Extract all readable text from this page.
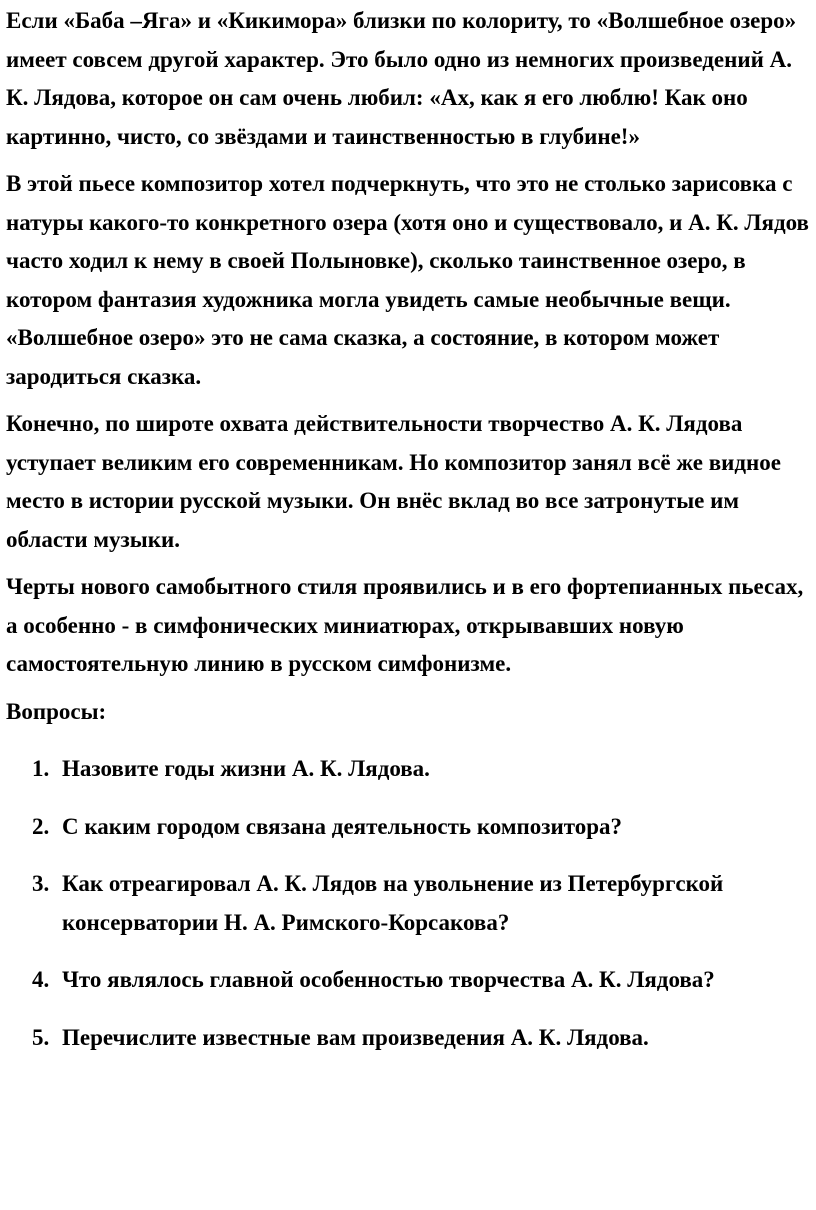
Если «Баба –Яга» и «Кикимора» близки по колориту, то «Волшебное озеро» имеет совсем другой характер. Это было одно из немногих произведений А. К. Лядова, которое он сам очень любил: «Ах, как я его люблю! Как оно картинно, чисто, со звёздами и таинственностью в глубине!»

В этой пьесе композитор хотел подчеркнуть, что это не столько зарисовка с натуры какого-то конкретного озера (хотя оно и существовало, и А. К. Лядов часто ходил к нему в своей Полыновке), сколько таинственное озеро, в котором фантазия художника могла увидеть самые необычные вещи. «Волшебное озеро» это не сама сказка, а состояние, в котором может зародиться сказка.

Конечно, по широте охвата действительности творчество А. К. Лядова уступает великим его современникам. Но композитор занял всё же видное место в истории русской музыки. Он внёс вклад во все затронутые им области музыки.

Черты нового самобытного стиля проявились и в его фортепианных пьесах, а особенно - в симфонических миниатюрах, открывавших новую самостоятельную линию в русском симфонизме.

Вопросы:

1. Назовите годы жизни А. К. Лядова.
2. С каким городом связана деятельность композитора?
3. Как отреагировал А. К. Лядов на увольнение из Петербургской консерватории Н. А. Римского-Корсакова?
4. Что являлось главной особенностью творчества А. К. Лядова?
5. Перечислите известные вам произведения А. К. Лядова.
